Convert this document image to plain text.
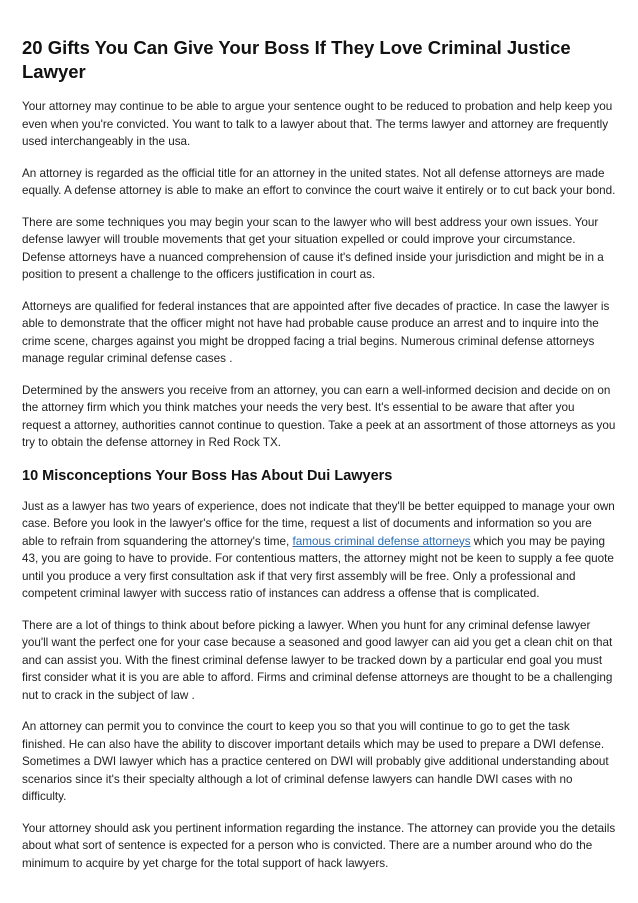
20 Gifts You Can Give Your Boss If They Love Criminal Justice Lawyer

Your attorney may continue to be able to argue your sentence ought to be reduced to probation and help keep you even when you're convicted. You want to talk to a lawyer about that. The terms lawyer and attorney are frequently used interchangeably in the usa.

An attorney is regarded as the official title for an attorney in the united states. Not all defense attorneys are made equally. A defense attorney is able to make an effort to convince the court waive it entirely or to cut back your bond.

There are some techniques you may begin your scan to the lawyer who will best address your own issues. Your defense lawyer will trouble movements that get your situation expelled or could improve your circumstance. Defense attorneys have a nuanced comprehension of cause it's defined inside your jurisdiction and might be in a position to present a challenge to the officers justification in court as.

Attorneys are qualified for federal instances that are appointed after five decades of practice. In case the lawyer is able to demonstrate that the officer might not have had probable cause produce an arrest and to inquire into the crime scene, charges against you might be dropped facing a trial begins. Numerous criminal defense attorneys manage regular criminal defense cases .

Determined by the answers you receive from an attorney, you can earn a well-informed decision and decide on on the attorney firm which you think matches your needs the very best. It's essential to be aware that after you request a attorney, authorities cannot continue to question. Take a peek at an assortment of those attorneys as you try to obtain the defense attorney in Red Rock TX.

10 Misconceptions Your Boss Has About Dui Lawyers

Just as a lawyer has two years of experience, does not indicate that they'll be better equipped to manage your own case. Before you look in the lawyer's office for the time, request a list of documents and information so you are able to refrain from squandering the attorney's time, famous criminal defense attorneys which you may be paying 43, you are going to have to provide. For contentious matters, the attorney might not be keen to supply a fee quote until you produce a very first consultation ask if that very first assembly will be free. Only a professional and competent criminal lawyer with success ratio of instances can address a offense that is complicated.

There are a lot of things to think about before picking a lawyer. When you hunt for any criminal defense lawyer you'll want the perfect one for your case because a seasoned and good lawyer can aid you get a clean chit on that and can assist you. With the finest criminal defense lawyer to be tracked down by a particular end goal you must first consider what it is you are able to afford. Firms and criminal defense attorneys are thought to be a challenging nut to crack in the subject of law .

An attorney can permit you to convince the court to keep you so that you will continue to go to get the task finished. He can also have the ability to discover important details which may be used to prepare a DWI defense. Sometimes a DWI lawyer which has a practice centered on DWI will probably give additional understanding about scenarios since it's their specialty although a lot of criminal defense lawyers can handle DWI cases with no difficulty.

Your attorney should ask you pertinent information regarding the instance. The attorney can provide you the details about what sort of sentence is expected for a person who is convicted. There are a number around who do the minimum to acquire by yet charge for the total support of hack lawyers.
